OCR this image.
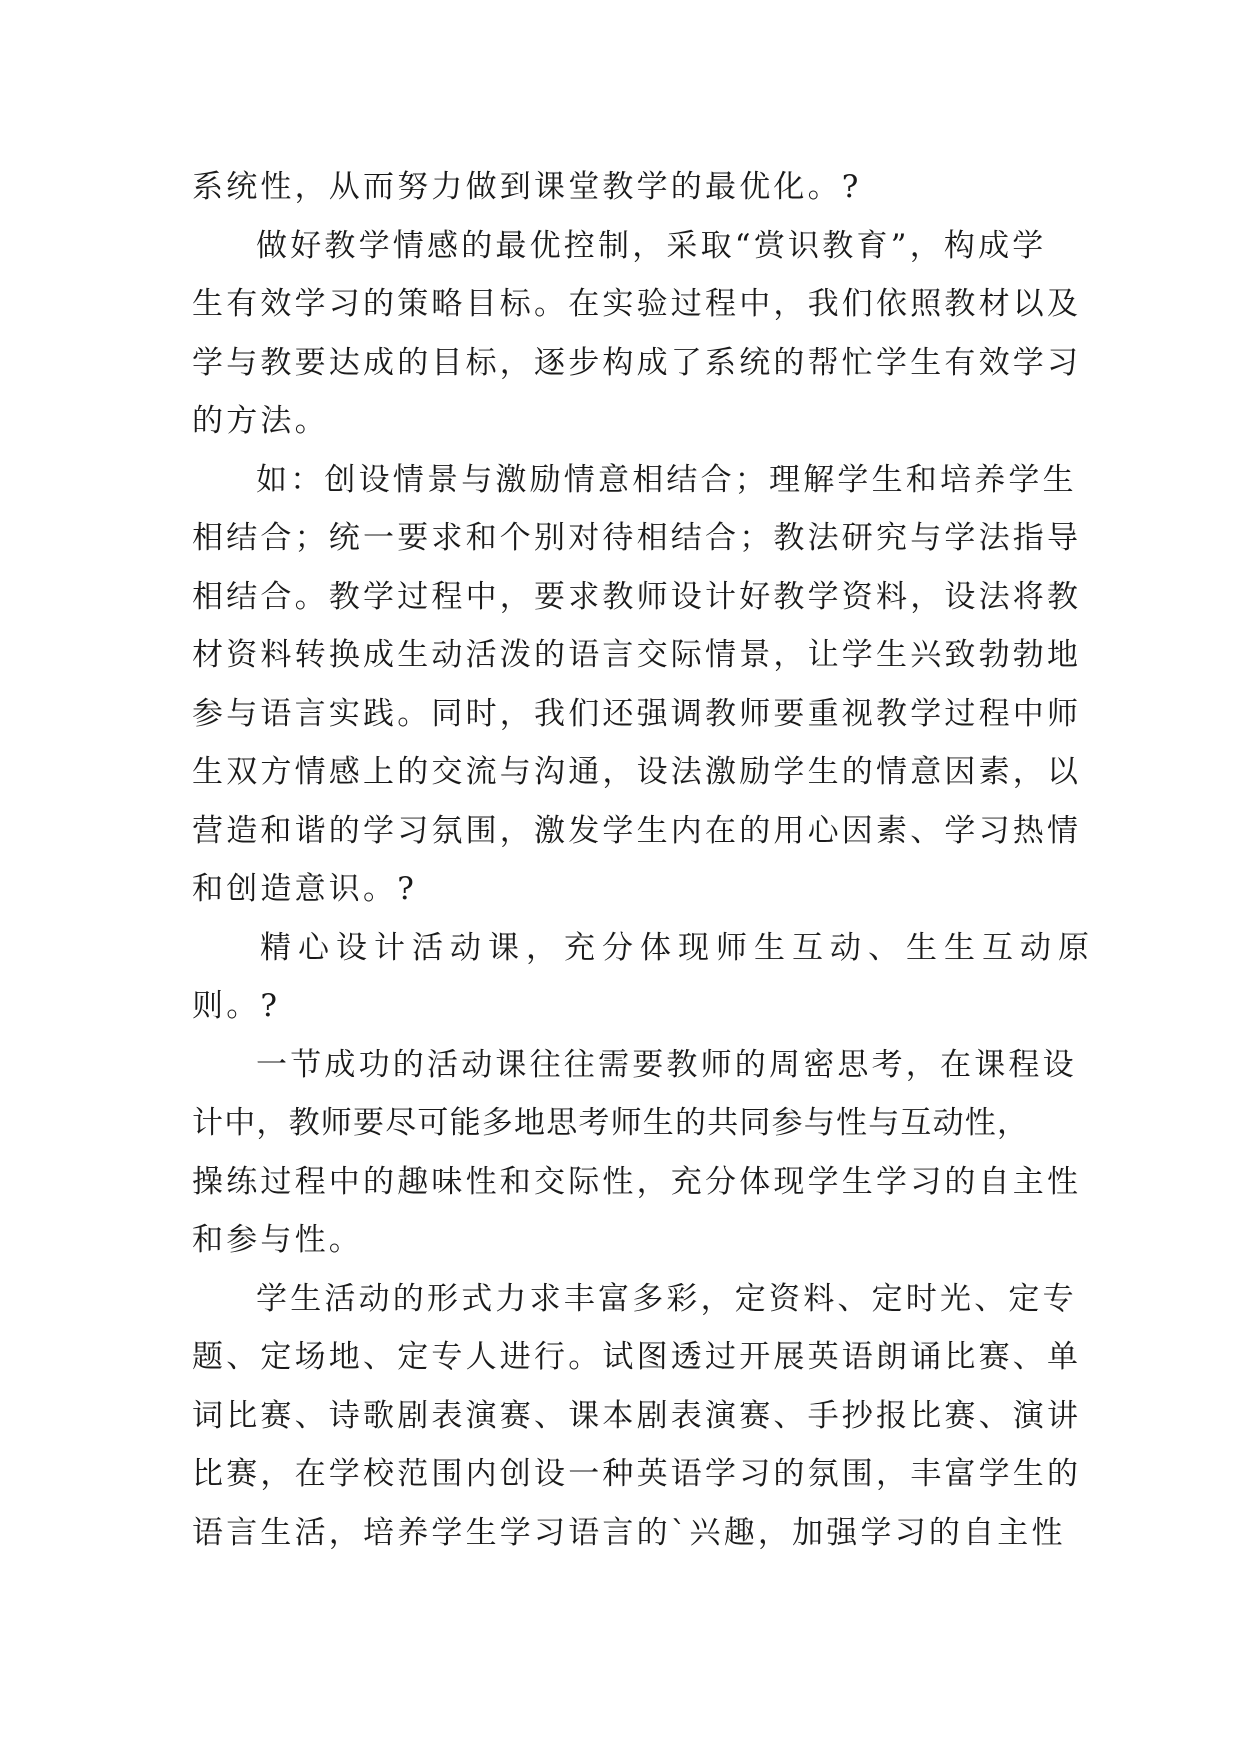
系统性，从而努力做到课堂教学的最优化。?
做好教学情感的最优控制，采取“赏识教育”，构成学
生有效学习的策略目标。在实验过程中，我们依照教材以及
学与教要达成的目标，逐步构成了系统的帮忙学生有效学习
的方法。
如：创设情景与激励情意相结合；理解学生和培养学生
相结合；统一要求和个别对待相结合；教法研究与学法指导
相结合。教学过程中，要求教师设计好教学资料，设法将教
材资料转换成生动活泼的语言交际情景，让学生兴致勃勃地
参与语言实践。同时，我们还强调教师要重视教学过程中师
生双方情感上的交流与沟通，设法激励学生的情意因素，以
营造和谐的学习氛围，激发学生内在的用心因素、学习热情
和创造意识。?
精心设计活动课，充分体现师生互动、生生互动原
则。?
一节成功的活动课往往需要教师的周密思考，在课程设
计中，教师要尽可能多地思考师生的共同参与性与互动性，
操练过程中的趣味性和交际性，充分体现学生学习的自主性
和参与性。
学生活动的形式力求丰富多彩，定资料、定时光、定专
题、定场地、定专人进行。试图透过开展英语朗诵比赛、单
词比赛、诗歌剧表演赛、课本剧表演赛、手抄报比赛、演讲
比赛，在学校范围内创设一种英语学习的氛围，丰富学生的
语言生活，培养学生学习语言的`兴趣，加强学习的自主性
